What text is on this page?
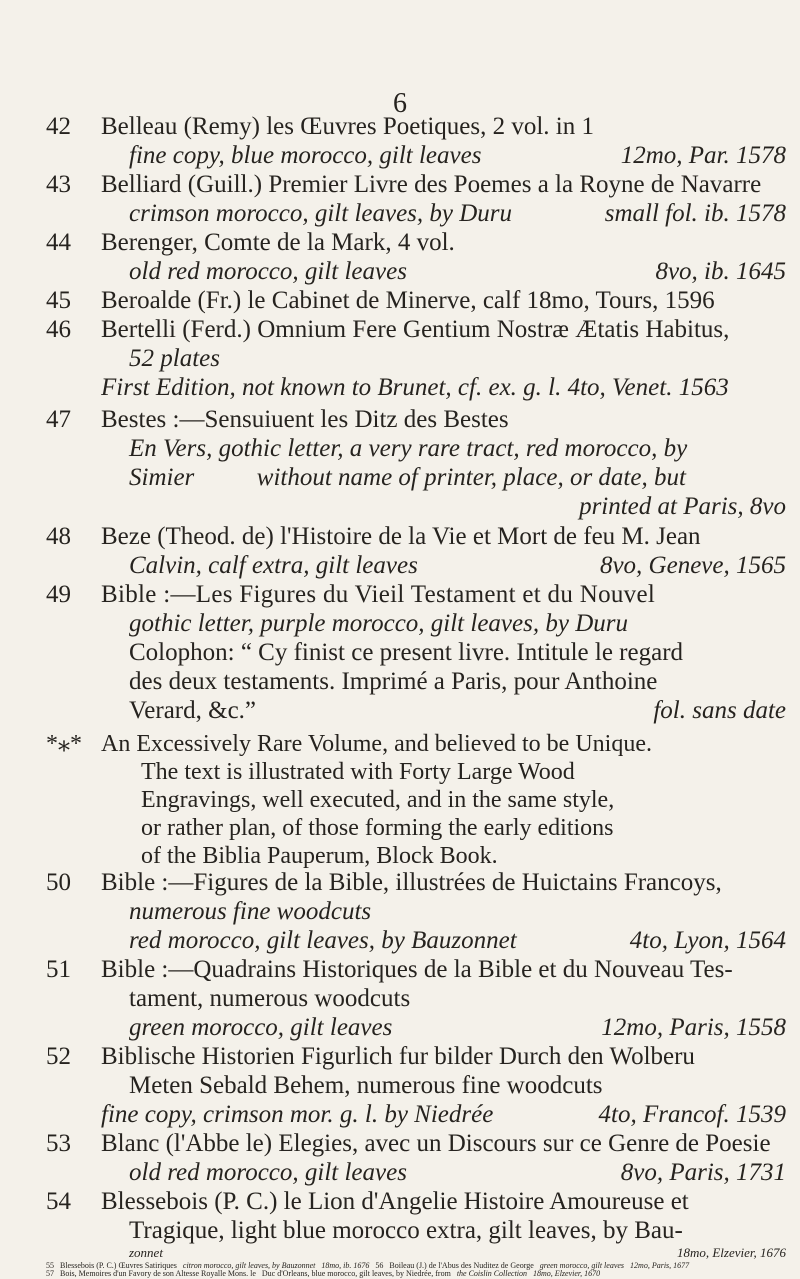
6
42	Belleau (Remy) les Œuvres Poetiques, 2 vol. in 1
fine copy, blue morocco, gilt leaves	12mo, Par. 1578
43	Belliard (Guill.) Premier Livre des Poemes a la Royne de Navarre
crimson morocco, gilt leaves, by Duru	small fol. ib. 1578
44	Berenger, Comte de la Mark, 4 vol.
old red morocco, gilt leaves	8vo, ib. 1645
45	Beroalde (Fr.) le Cabinet de Minerve, calf 18mo, Tours, 1596
46	Bertelli (Ferd.) Omnium Fere Gentium Nostræ Ætatis Habitus,
52 plates
First Edition, not known to Brunet, cf. ex. g. l. 4to, Venet. 1563
47	Bestes :—Sensuiuent les Ditz des Bestes
En Vers, gothic letter, a very rare tract, red morocco, by
Simier          without name of printer, place, or date, but
printed at Paris, 8vo
48	Beze (Theod. de) l'Histoire de la Vie et Mort de feu M. Jean
Calvin, calf extra, gilt leaves	8vo, Geneve, 1565
49	Bible :—Les Figures du Vieil Testament et du Nouvel
gothic letter, purple morocco, gilt leaves, by Duru
Colophon: “ Cy finist ce present livre. Intitule le regard
des deux testaments. Imprimé a Paris, pour Anthoine
Verard, &c.”	fol. sans date
*⁎* An Excessively Rare Volume, and believed to be Unique.
The text is illustrated with Forty Large Wood
Engravings, well executed, and in the same style,
or rather plan, of those forming the early editions
of the Biblia Pauperum, Block Book.
50	Bible :—Figures de la Bible, illustrées de Huictains Francoys,
numerous fine woodcuts
red morocco, gilt leaves, by Bauzonnet	4to, Lyon, 1564
51	Bible :—Quadrains Historiques de la Bible et du Nouveau Tes-
tament, numerous woodcuts
green morocco, gilt leaves	12mo, Paris, 1558
52	Biblische Historien Figurlich fur bilder Durch den Wolberu
Meten Sebald Behem, numerous fine woodcuts
fine copy, crimson mor. g. l. by Niedrée	4to, Francof. 1539
53	Blanc (l'Abbe le) Elegies, avec un Discours sur ce Genre de Poesie
old red morocco, gilt leaves	8vo, Paris, 1731
54	Blessebois (P. C.) le Lion d'Angelie Histoire Amoureuse et
Tragique, light blue morocco extra, gilt leaves, by Bau-
zonnet	18mo, Elzevier, 1676
55 Blessebois (P. C.) Œuvres Satiriques citron morocco, gilt leaves, by Bauzonnet 18mo, ib. 1676 56 Boileau (J.) de l'Abus des Nuditez de George green morocco, gilt leaves 12mo, Paris, 1677
57 Bois, Memoires d'un Favory de son Altesse Royalle Mons. le Duc d'Orleans, blue morocco, gilt leaves, by Niedrée, from the Coislin Collection 18mo, Elzevier, 1670
